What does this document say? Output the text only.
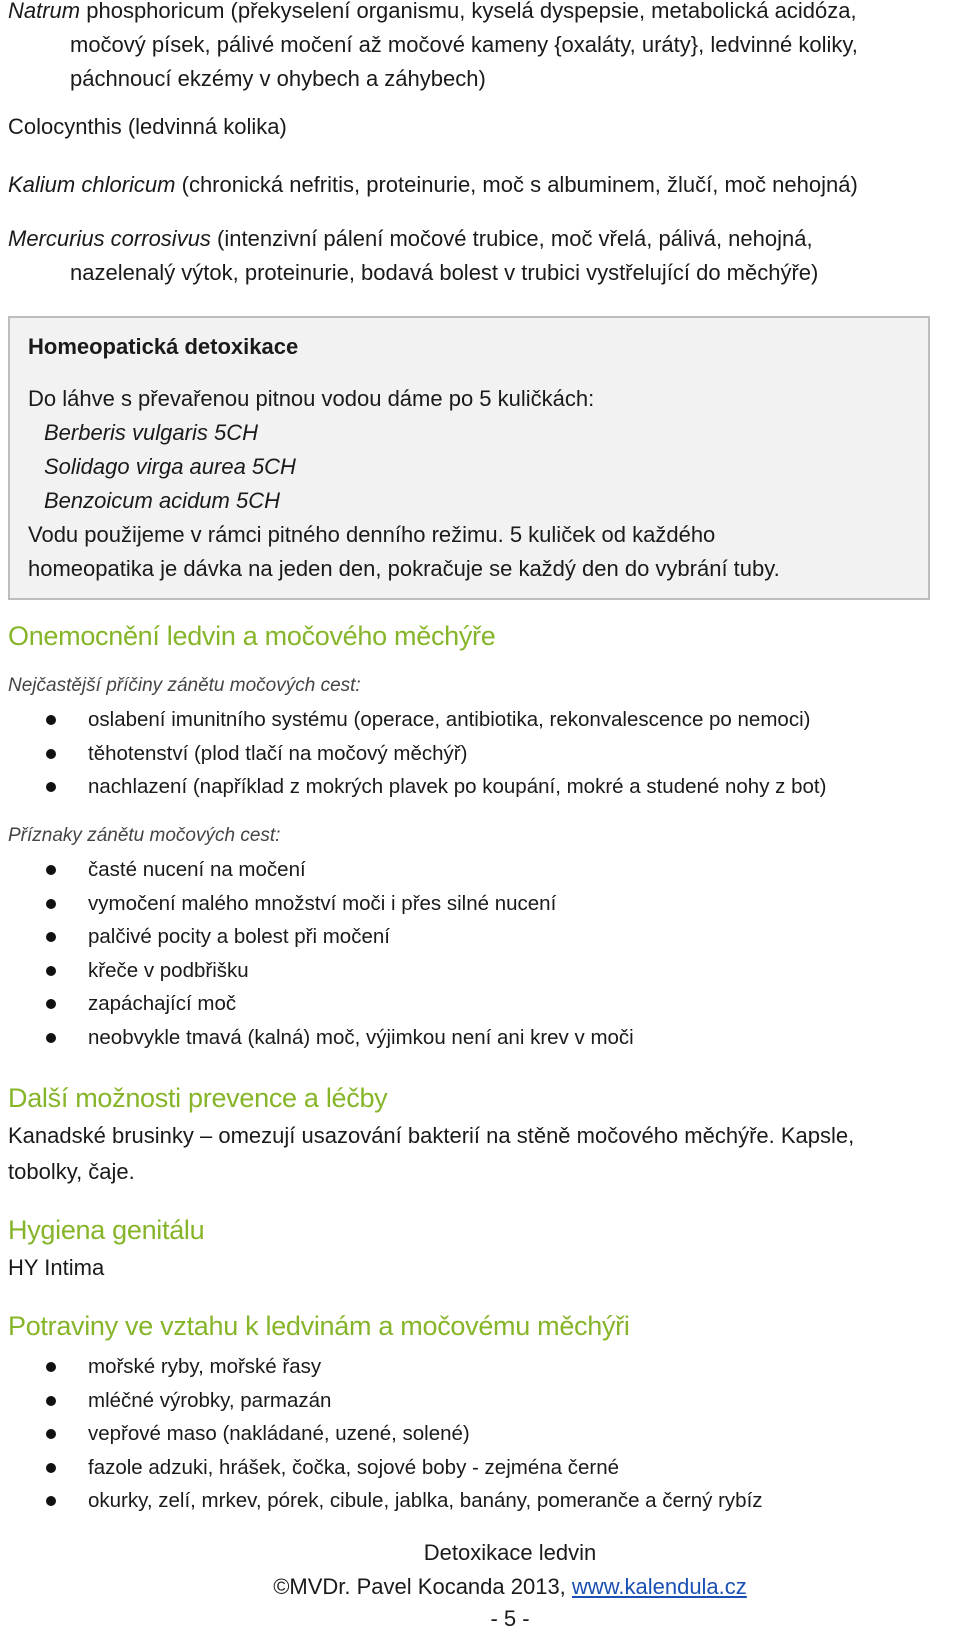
Natrum phosphoricum (překyselení organismu, kyselá dyspepsie, metabolická acidóza,
močový písek, pálivé močení až močové kameny {oxaláty, uráty}, ledvinné koliky,
páchnoucí ekzémy v ohybech a záhybech)
Colocynthis (ledvinná kolika)
Kalium chloricum (chronická nefritis, proteinurie, moč s albuminem, žlučí, moč nehojná)
Mercurius corrosivus (intenzivní pálení močové trubice, moč vřelá, pálivá, nehojná,
nazelenalý výtok, proteinurie, bodavá bolest v trubici vystřelující do měchýře)
Homeopatická detoxikace
Do láhve s převařenou pitnou vodou dáme po 5 kuličkách:
Berberis vulgaris 5CH
Solidago virga aurea 5CH
Benzoicum acidum 5CH
Vodu použijeme v rámci pitného denního režimu. 5 kuliček od každého
homeopatika je dávka na jeden den, pokračuje se každý den do vybrání tuby.
Onemocnění ledvin a močového měchýře
Nejčastější příčiny zánětu močových cest:
oslabení imunitního systému (operace, antibiotika, rekonvalescence po nemoci)
těhotenství (plod tlačí na močový měchýř)
nachlazení (například z mokrých plavek po koupání, mokré a studené nohy z bot)
Příznaky zánětu močových cest:
časté nucení na močení
vymočení malého množství moči i přes silné nucení
palčivé pocity a bolest při močení
křeče v podbřišku
zapáchající moč
neobvykle tmavá (kalná) moč, výjimkou není ani krev v moči
Další možnosti prevence a léčby
Kanadské brusinky – omezují usazování bakterií na stěně močového měchýře. Kapsle,
tobolky, čaje.
Hygiena genitálu
HY Intima
Potraviny ve vztahu k ledvinám a močovému měchýři
mořské ryby, mořské řasy
mléčné výrobky, parmazán
vepřové maso (nakládané, uzené, solené)
fazole adzuki, hrášek, čočka, sojové boby - zejména černé
okurky, zelí, mrkev, pórek, cibule, jablka, banány, pomeranče a černý rybíz
Detoxikace ledvin
©MVDr. Pavel Kocanda 2013, www.kalendula.cz
- 5 -
